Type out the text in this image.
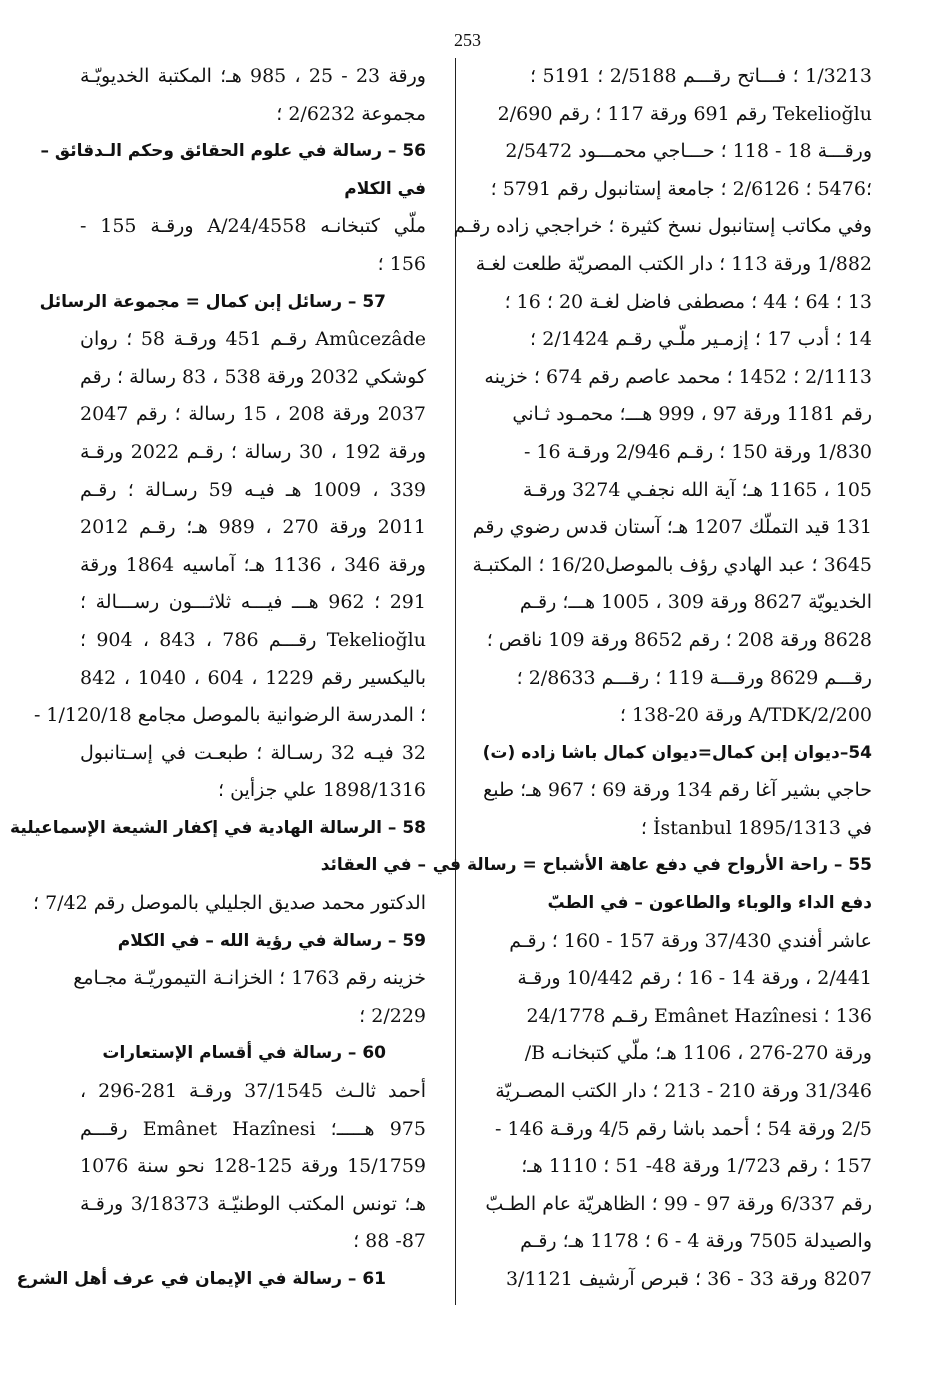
253
1/3213 ؛ فـــاتح رقـــم 2/5188 ؛ 5191 ؛
Tekelioğlu رقم 691 ورقة 117 ؛ رقم 2/690
ورقـــة 18 - 118 ؛ حـــاجي محمـــود 2/5472
؛5476 ؛ 2/6126 ؛ جامعة إستانبول رقم 5791 ؛
وفي مكاتب إستانبول نسخ كثيرة ؛ خراججي زاده رقـم
1/882 ورقة 113 ؛ دار الكتب المصريّة طلعت لغـة
13 ؛ 64 ؛ 44 ؛ مصطفى فاضل لغـة 20 ؛ 16 ؛
14 ؛ أدب 17 ؛ إزمـير ملّـي رقـم 2/1424 ؛
2/1113 ؛ 1452 ؛ محمد عاصم رقم 674 ؛ خزينه
رقم 1181 ورقة 97 ، 999 هـــ؛ محمـود ثـاني
1/830 ورقة 150 ؛ رقـم 2/946 ورقـة 16 -
105 ، 1165 هـ؛ آية الله نجفـي 3274 ورقـة
131 قيد التملّك 1207 هـ؛ آستان قدس رضوي رقم
3645 ؛ عبد الهادي رؤف بالموصل16/20 ؛ المكتبـة
الخديويّة 8627 ورقة 309 ، 1005 هـــ؛ رقـم
8628 ورقة 208 ؛ رقم 8652 ورقة 109 ناقص ؛
رقـــم 8629 ورقـــة 119 ؛ رقـــم 2/8633 ؛
2/200/A/TDK ورقة 20-138 ؛
54–ديوان إبن كمال=ديوان كمال باشا زاده (ت)
حاجي بشير آغا رقم 134 ورقة 69 ؛ 967 هـ؛ طبع
في İstanbul 1895/1313 ؛
55 – راحة الأرواح في دفع عاهة الأشباح = رسالة في
دفع الداء والوباء والطاعون – في الطبّ
عاشر أفندي 37/430 ورقة 157 - 160 ؛ رقـم
2/441 ، ورقة 14 - 16 ؛ رقم 10/442 ورقـة
136 ؛ Emânet Hazînesi رقـم 24/1778
ورقة 270-276 ، 1106 هـ؛ ملّي كتبخانـه B/
31/346 ورقة 210 - 213 ؛ دار الكتب المصـريّة
2/5 ورقة 54 ؛ أحمد باشا رقم 4/5 ورقـة 146 -
157 ؛ رقم 1/723 ورقة 48- 51 ؛ 1110 هـ؛
رقم 6/337 ورقة 97 - 99 ؛ الظاهريّة عام الطـبّ
والصيدلة 7505 ورقة 4 - 6 ؛ 1178 هـ؛ رقـم
8207 ورقة 33 - 36 ؛ قبرص آرشيف 3/1121
ورقة 23 - 25 ، 985 هـ؛ المكتبة الخديويّـة
مجموعة 2/6232 ؛
56 – رسالة في علوم الحقائق وحكم الـدقائق –
في الكلام
ملّي كتبخانـه 24/4558/A ورقـة 155 -
156 ؛
57 – رسائل إبن كمال = مجموعة الرسائل
Amûcezâde رقـم 451 ورقـة 58 ؛ روان
كوشكي 2032 ورقة 538 ، 83 رسالة ؛ رقم
2037 ورقة 208 ، 15 رسالة ؛ رقم 2047
ورقة 192 ، 30 رسالة ؛ رقـم 2022 ورقـة
339 ، 1009 هـ فيـه 59 رسـالة ؛ رقـم
2011 ورقة 270 ، 989 هـ؛ رقـم 2012
ورقة 346 ، 1136 هـ؛ آماسيه 1864 ورقة
291 ؛ 962 هـــ فيـــه ثلاثـــون رســـالة ؛
Tekelioğlu رقـــم 786 ، 843 ، 904 ؛
باليكسير رقم 1229 ، 604 ، 1040 ، 842
؛ المدرسة الرضوانية بالموصل مجامع 1/120/18 -
32 فيـه 32 رسـالة ؛ طبعـت في إسـتانبول
1898/1316 علي جزأين ؛
58 – الرسالة الهادية في إكفار الشيعة الإسماعيلية
– في العقائد
الدكتور محمد صديق الجليلي بالموصل رقم 7/42 ؛
59 – رسالة في رؤية الله – في الكلام
خزينه رقم 1763 ؛ الخزانـة التيموريّـة مجـامع
2/229 ؛
60 – رسالة في أقسام الإستعارات
أحمد ثالـث 37/1545 ورقـة 281-296 ،
975 هـــــ؛ Emânet Hazînesi رقـــم
15/1759 ورقة 125-128 نحو سنة 1076
هـ؛ تونس المكتب الوطنيّـة 3/18373 ورقـة
87- 88 ؛
61 – رسالة في الإيمان في عرف أهل الشرع
